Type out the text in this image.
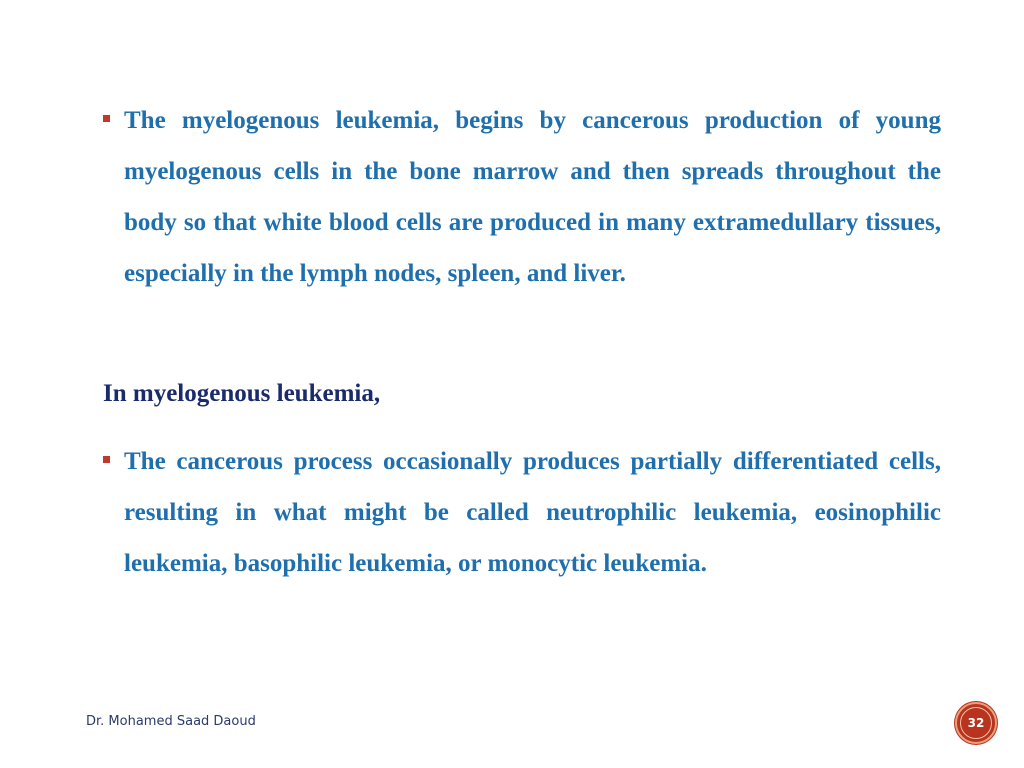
The myelogenous leukemia, begins by cancerous production of young myelogenous cells in the bone marrow and then spreads throughout the body so that white blood cells are produced in many extramedullary tissues, especially in the lymph nodes, spleen, and liver.
In myelogenous leukemia,
The cancerous process occasionally produces partially differentiated cells, resulting in what might be called neutrophilic leukemia, eosinophilic leukemia, basophilic leukemia, or monocytic leukemia.
Dr. Mohamed Saad Daoud	32
